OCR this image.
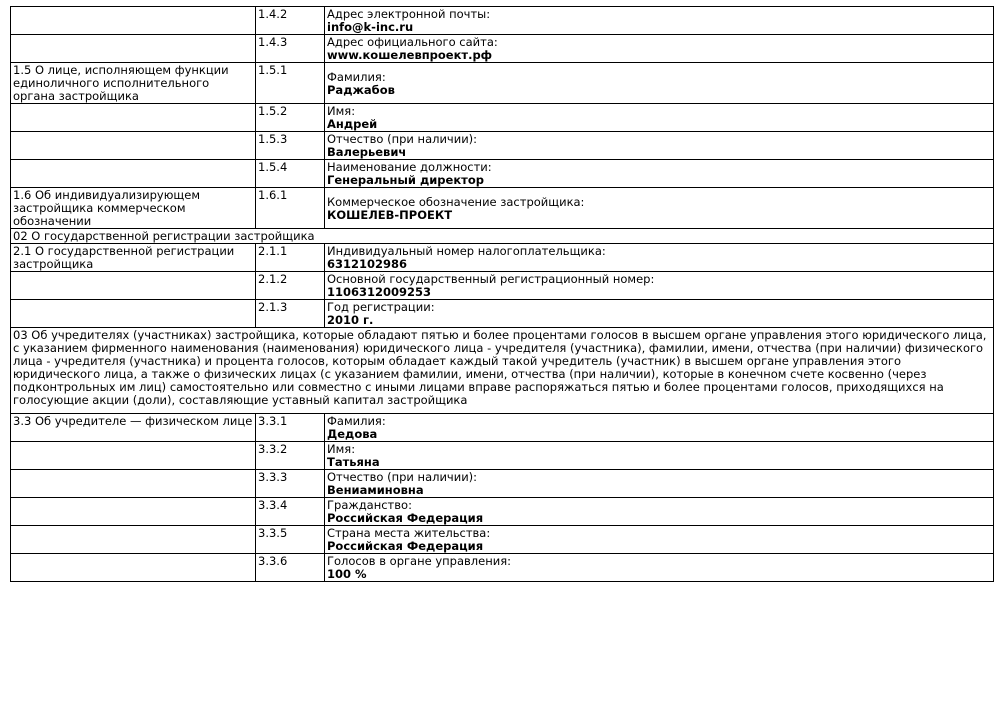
	1.4.2	Адрес электронной почты:
info@k-inc.ru

	1.4.3	Адрес официального сайта:
www.кошелевпроект.рф

1.5 О лице, исполняющем функции единоличного исполнительного органа застройщика	1.5.1	Фамилия:
Раджабов

	1.5.2	Имя:
Андрей

	1.5.3	Отчество (при наличии):
Валерьевич

	1.5.4	Наименование должности:
Генеральный директор

1.6 Об индивидуализирующем застройщика коммерческом обозначении	1.6.1	Коммерческое обозначение застройщика:
КОШЕЛЕВ-ПРОЕКТ

02 О государственной регистрации застройщика		
2.1 О государственной регистрации застройщика	2.1.1	Индивидуальный номер налогоплательщика:
6312102986

	2.1.2	Основной государственный регистрационный номер:
1106312009253

	2.1.3	Год регистрации:
2010 г.

03 Об учредителях (участниках) застройщика, которые обладают пятью и более процентами голосов в высшем органе управления этого юридического лица, с указанием фирменного наименования (наименования) юридического лица - учредителя (участника), фамилии, имени, отчества (при наличии) физического лица - учредителя (участника) и процента голосов, которым обладает каждый такой учредитель (участник) в высшем органе управления этого юридического лица, а также о физических лицах (с указанием фамилии, имени, отчества (при наличии), которые в конечном счете косвенно (через подконтрольных им лиц) самостоятельно или совместно с иными лицами вправе распоряжаться пятью и более процентами голосов, приходящихся на голосующие акции (доли), составляющие уставный капитал застройщика		
3.3 Об учредителе — физическом лице	3.3.1	Фамилия:
Дедова

	3.3.2	Имя:
Татьяна

	3.3.3	Отчество (при наличии):
Вениаминовна

	3.3.4	Гражданство:
Российская Федерация

	3.3.5	Страна места жительства:
Российская Федерация

	3.3.6	Голосов в органе управления:
100 %
